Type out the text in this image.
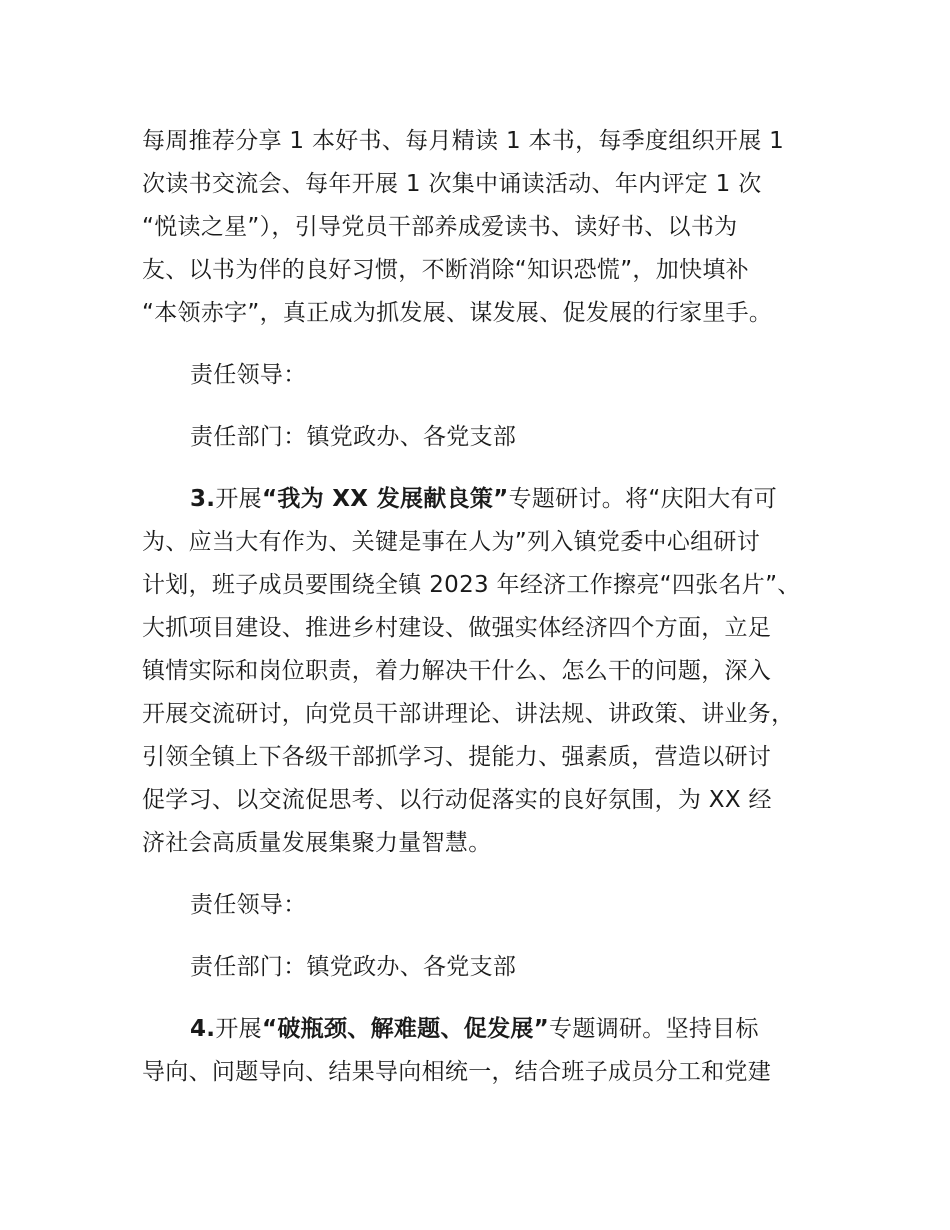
每周推荐分享 1 本好书、每月精读 1 本书，每季度组织开展 1
次读书交流会、每年开展 1 次集中诵读活动、年内评定 1 次
“悦读之星”），引导党员干部养成爱读书、读好书、以书为
友、以书为伴的良好习惯，不断消除“知识恐慌”，加快填补
“本领赤字”，真正成为抓发展、谋发展、促发展的行家里手。
责任领导：
责任部门：镇党政办、各党支部
3.开展“我为 XX 发展献良策”专题研讨。将“庆阳大有可
为、应当大有作为、关键是事在人为”列入镇党委中心组研讨
计划，班子成员要围绕全镇 2023 年经济工作擦亮“四张名片”、
大抓项目建设、推进乡村建设、做强实体经济四个方面，立足
镇情实际和岗位职责，着力解决干什么、怎么干的问题，深入
开展交流研讨，向党员干部讲理论、讲法规、讲政策、讲业务，
引领全镇上下各级干部抓学习、提能力、强素质，营造以研讨
促学习、以交流促思考、以行动促落实的良好氛围，为 XX 经
济社会高质量发展集聚力量智慧。
责任领导：
责任部门：镇党政办、各党支部
4.开展“破瓶颈、解难题、促发展”专题调研。坚持目标
导向、问题导向、结果导向相统一，结合班子成员分工和党建
